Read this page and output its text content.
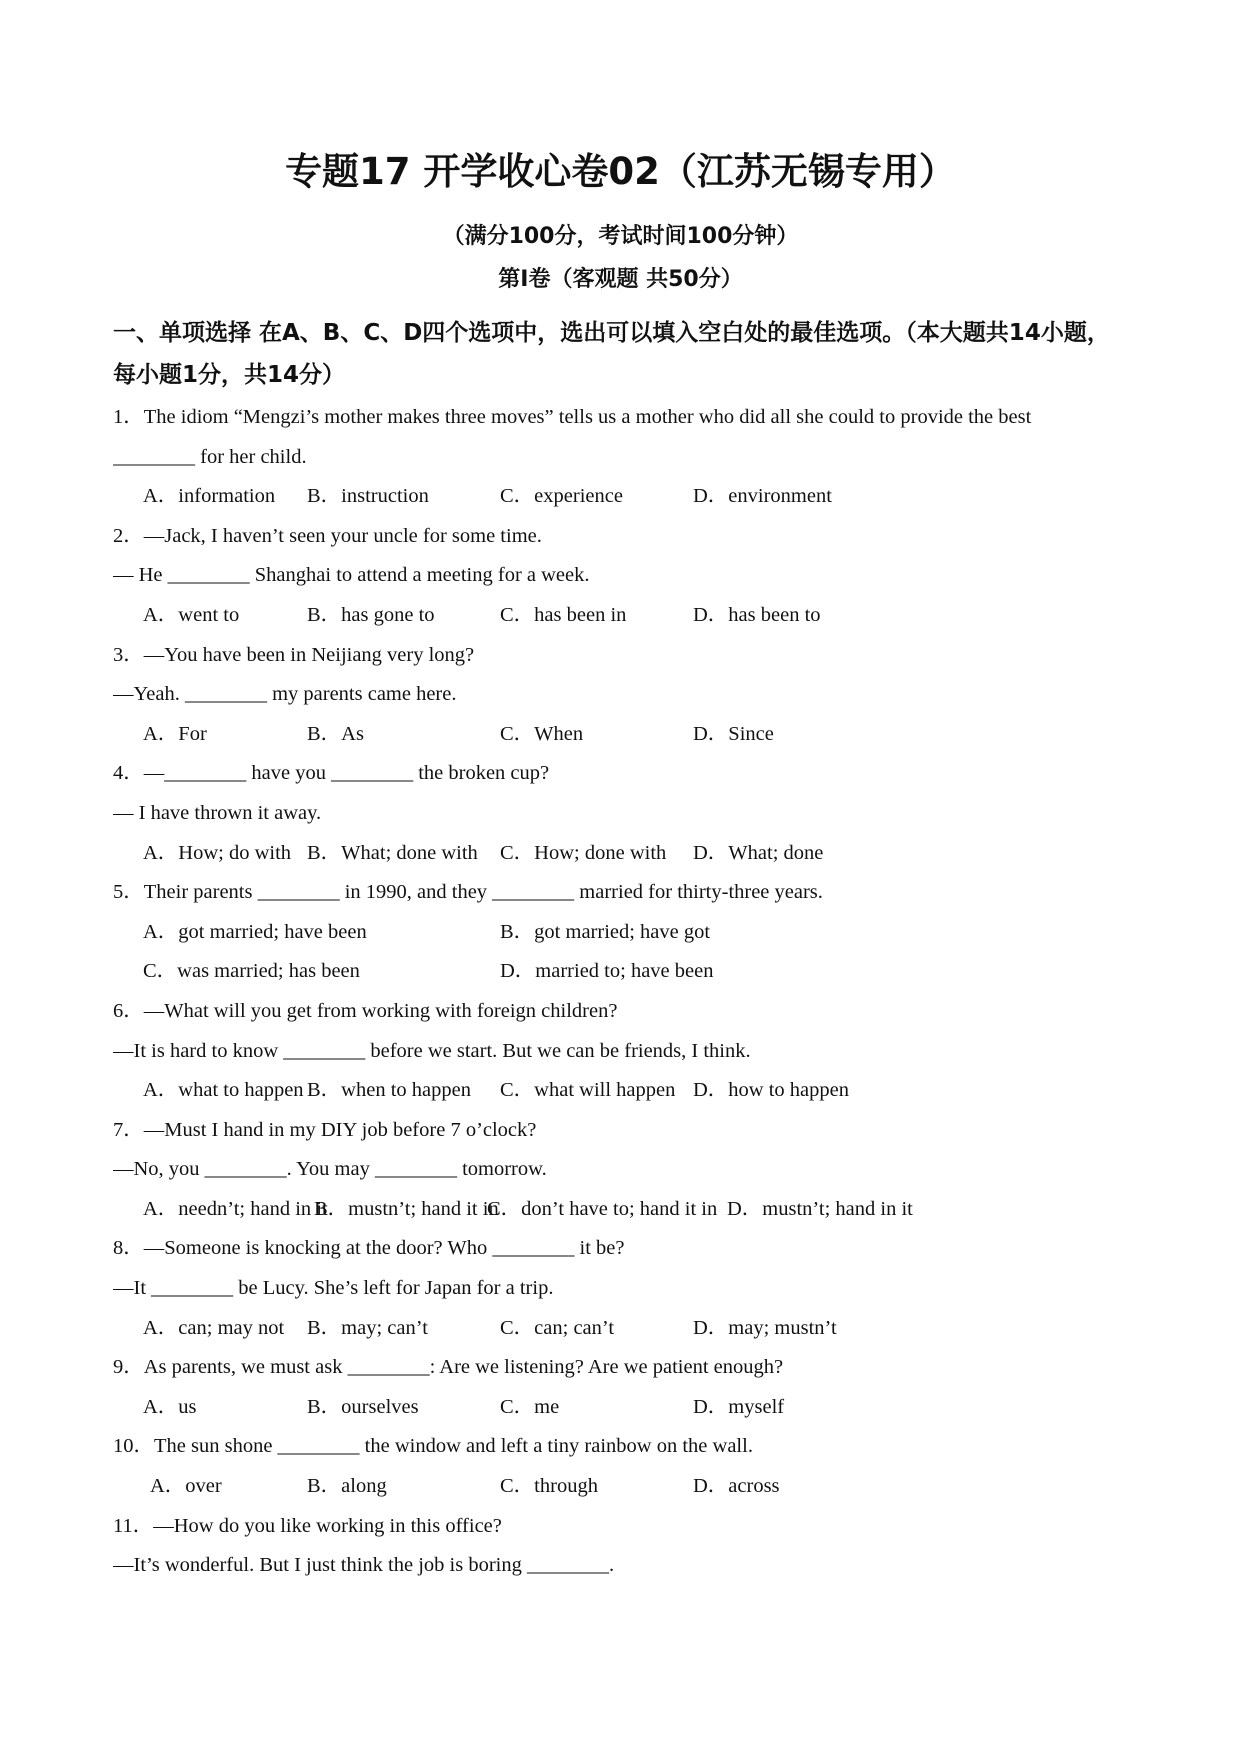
专题17 开学收心卷02（江苏无锡专用）
（满分100分，考试时间100分钟）
第I卷（客观题 共50分）
一、单项选择 在A、B、C、D四个选项中，选出可以填入空白处的最佳选项。（本大题共14小题，每小题1分，共14分）
1．The idiom “Mengzi’s mother makes three moves” tells us a mother who did all she could to provide the best
________ for her child.
A．information B．instruction	C．experience	D．environment
2．—Jack, I haven’t seen your uncle for some time.
— He ________ Shanghai to attend a meeting for a week.
A．went to	B．has gone to	C．has been in	D．has been to
3．—You have been in Neijiang very long?
—Yeah. ________ my parents came here.
A．For	B．As	C．When	D．Since
4．—________ have you ________ the broken cup?
— I have thrown it away.
A．How; do with B．What; done with C．How; done with D．What; done
5．Their parents ________ in 1990, and they ________ married for thirty-three years.
A．got married; have been	B．got married; have got
C．was married; has been	D．married to; have been
6．—What will you get from working with foreign children?
—It is hard to know ________ before we start. But we can be friends, I think.
A．what to happen B．when to happen C．what will happen D．how to happen
7．—Must I hand in my DIY job before 7 o’clock?
—No, you ________. You may ________ tomorrow.
A．needn’t; hand in it
B．mustn’t; hand it in
C．don’t have to; hand it in D．mustn’t; hand in it
8．—Someone is knocking at the door? Who ________ it be?
—It ________ be Lucy. She’s left for Japan for a trip.
A．can; may not B．may; can’t	C．can; can’t	D．may; mustn’t
9．As parents, we must ask ________: Are we listening? Are we patient enough?
A．us	B．ourselves	C．me	D．myself
10．The sun shone ________ the window and left a tiny rainbow on the wall.
A．over	B．along	C．through	D．across
11．—How do you like working in this office?
—It’s wonderful. But I just think the job is boring ________.
